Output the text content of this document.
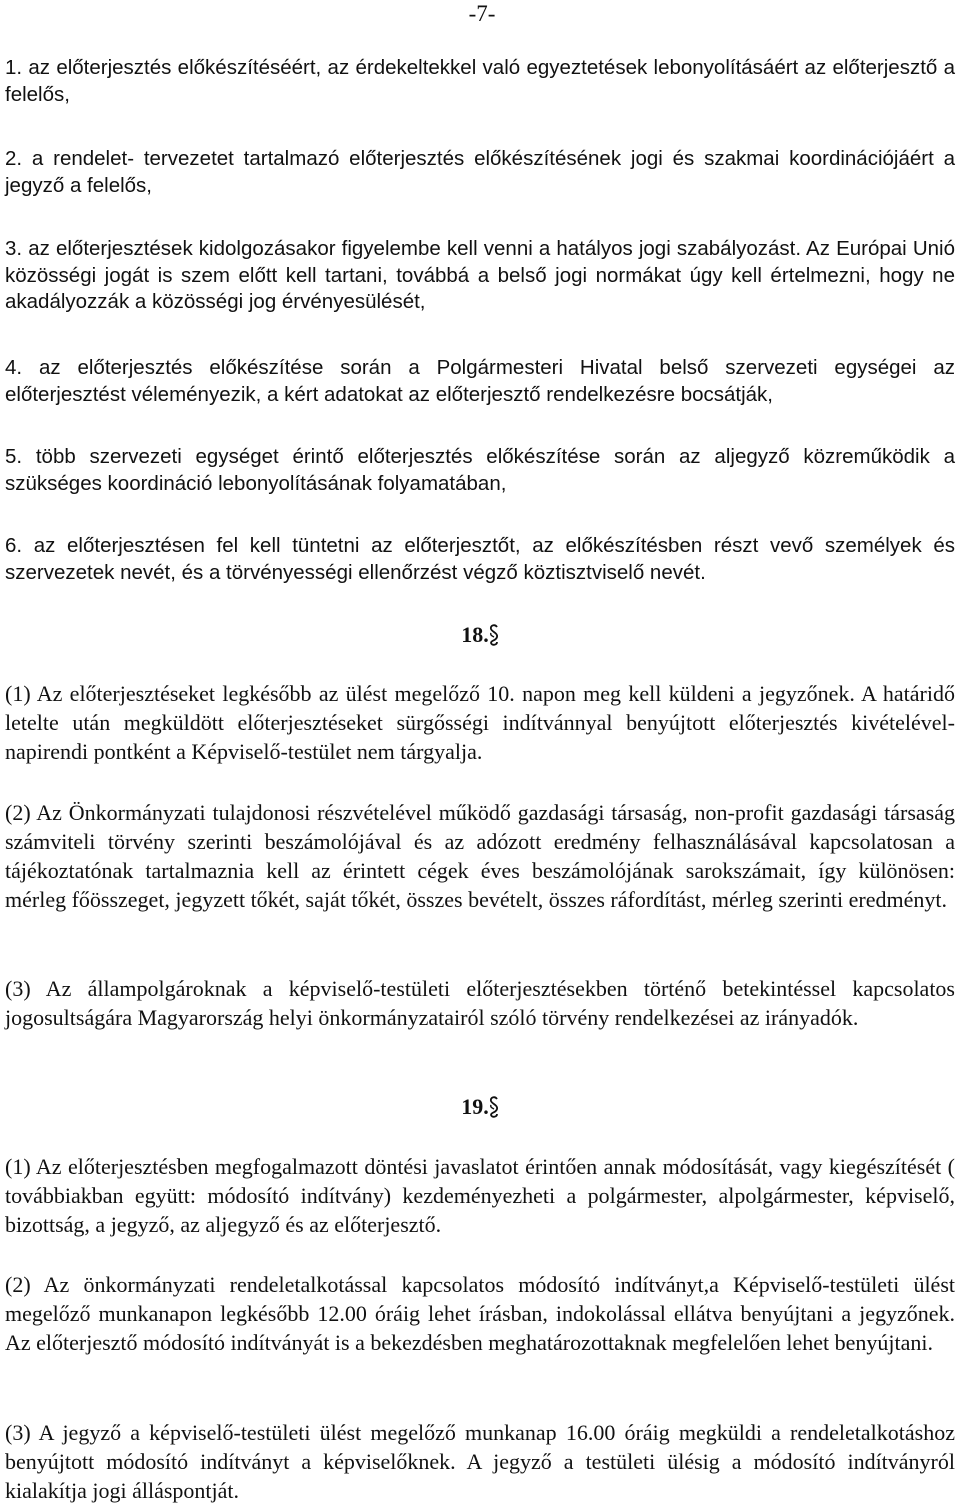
-7-

1. az előterjesztés előkészítéséért, az érdekeltekkel való egyeztetések lebonyolításáért az előterjesztő a felelős,

2. a rendelet- tervezetet tartalmazó előterjesztés előkészítésének jogi és szakmai koordinációjáért a jegyző a felelős,

3. az előterjesztések kidolgozásakor figyelembe kell venni a hatályos jogi szabályozást. Az Európai Unió közösségi jogát is szem előtt kell tartani, továbbá a belső jogi normákat úgy kell értelmezni, hogy ne akadályozzák a közösségi jog érvényesülését,

4. az előterjesztés előkészítése során a Polgármesteri Hivatal belső szervezeti egységei az előterjesztést véleményezik, a kért adatokat az előterjesztő rendelkezésre bocsátják,

5. több szervezeti egységet érintő előterjesztés előkészítése során az aljegyző közreműködik a szükséges koordináció lebonyolításának folyamatában,

6. az előterjesztésen fel kell tüntetni az előterjesztőt, az előkészítésben részt vevő személyek és szervezetek nevét, és a törvényességi ellenőrzést végző köztisztviselő nevét.

18.

(1) Az előterjesztéseket legkésőbb az ülést megelőző 10. napon meg kell küldeni a jegyzőnek. A határidő letelte után megküldött előterjesztéseket sürgősségi indítvánnyal benyújtott előterjesztés kivételével- napirendi pontként a Képviselő-testület nem tárgyalja.

(2) Az Önkormányzati tulajdonosi részvételével működő gazdasági társaság, non-profit gazdasági társaság számviteli törvény szerinti beszámolójával és az adózott eredmény felhasználásával kapcsolatosan a tájékoztatónak tartalmaznia kell az érintett cégek éves beszámolójának sarokszámait, így különösen: mérleg főösszeget, jegyzett tőkét, saját tőkét, összes bevételt, összes ráfordítást, mérleg szerinti eredményt.

(3) Az állampolgároknak a képviselő-testületi előterjesztésekben történő betekintéssel kapcsolatos jogosultságára Magyarország helyi önkormányzatairól szóló törvény rendelkezései az irányadók.

19.

(1) Az előterjesztésben megfogalmazott döntési javaslatot érintően annak módosítását, vagy kiegészítését ( továbbiakban együtt: módosító indítvány) kezdeményezheti a polgármester, alpolgármester, képviselő, bizottság, a jegyző, az aljegyző és az előterjesztő.

(2) Az önkormányzati rendeletalkotással kapcsolatos módosító indítványt,a Képviselő-testületi ülést megelőző munkanapon legkésőbb 12.00 óráig lehet írásban, indokolással ellátva benyújtani a jegyzőnek. Az előterjesztő módosító indítványát is a bekezdésben meghatározottaknak megfelelően lehet benyújtani.

(3) A jegyző a képviselő-testületi ülést megelőző munkanap 16.00 óráig megküldi a rendeletalkotáshoz benyújtott módosító indítványt a képviselőknek. A jegyző a testületi ülésig a módosító indítványról kialakítja jogi álláspontját.
